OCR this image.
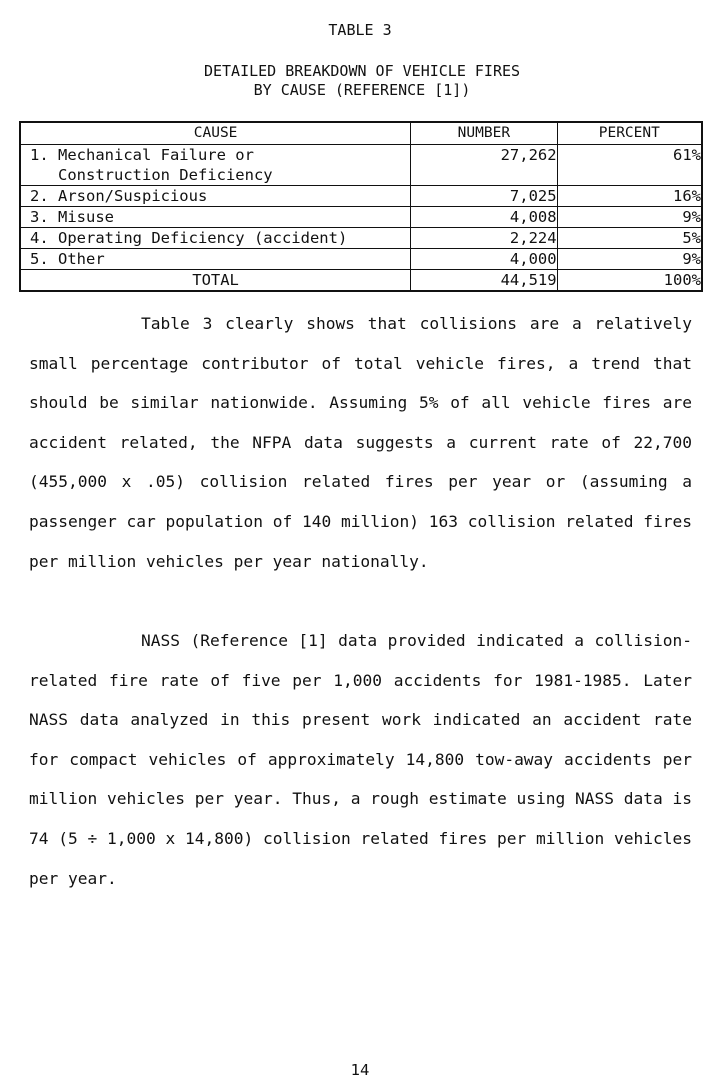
TABLE 3
DETAILED BREAKDOWN OF VEHICLE FIRES
BY CAUSE (REFERENCE [1])
CAUSE	NUMBER	PERCENT
1. Mechanical Failure or
Construction Deficiency	27,262	61%
2. Arson/Suspicious	7,025	16%
3. Misuse	4,008	9%
4. Operating Deficiency (accident)	2,224	5%
5. Other	4,000	9%
TOTAL	44,519	100%

Table 3 clearly shows that collisions are a relatively small percentage contributor of total vehicle fires, a trend that should be similar nationwide. Assuming 5% of all vehicle fires are accident related, the NFPA data suggests a current rate of 22,700 (455,000 x .05) collision related fires per year or (assuming a passenger car population of 140 million) 163 collision related fires per million vehicles per year nationally.

NASS (Reference [1] data provided indicated a collision-related fire rate of five per 1,000 accidents for 1981-1985. Later NASS data analyzed in this present work indicated an accident rate for compact vehicles of approximately 14,800 tow-away accidents per million vehicles per year. Thus, a rough estimate using NASS data is 74 (5 ÷ 1,000 x 14,800) collision related fires per million vehicles per year.

14
